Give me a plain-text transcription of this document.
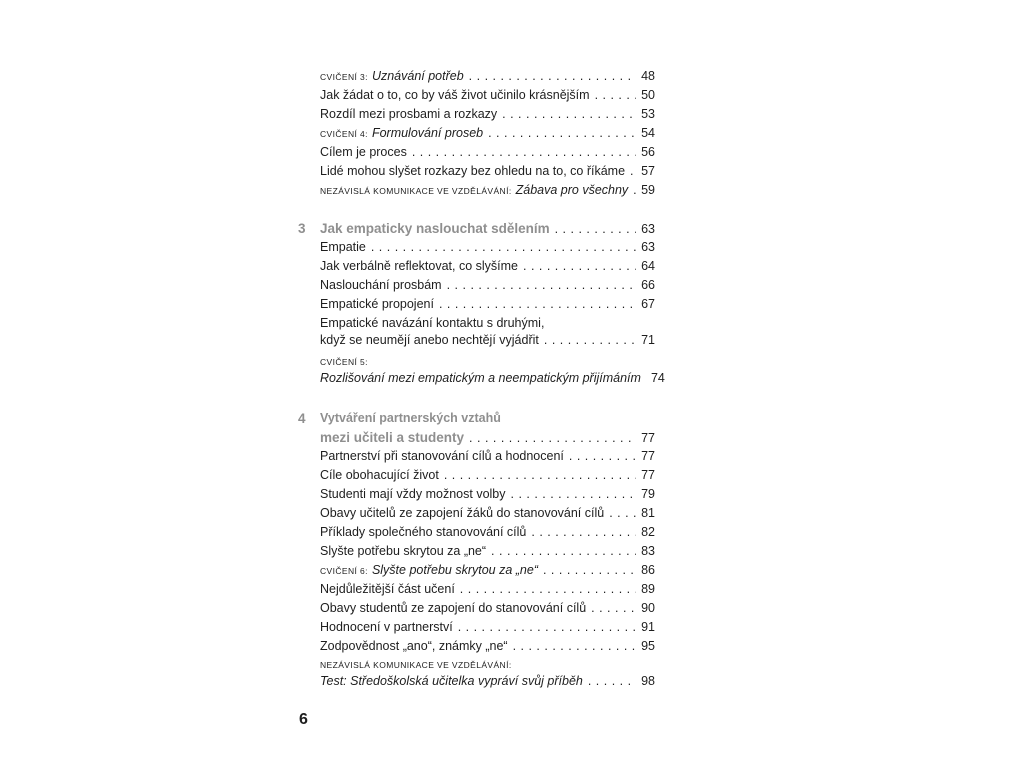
CVIČENÍ 3: Uznávání potřeb . . .	48
Jak žádat o to, co by váš život učinilo krásnějším . . .	50
Rozdíl mezi prosbami a rozkazy . . .	53
CVIČENÍ 4: Formulování proseb . . .	54
Cílem je proces . . .	56
Lidé mohou slyšet rozkazy bez ohledu na to, co říkáme . . . 57
NEZÁVISLÁ KOMUNIKACE VE VZDĚLÁVÁNÍ: Zábava pro všechny . . . 59
3 Jak empaticky naslouchat sdělením . . .	63
Empatie . . .	63
Jak verbálně reflektovat, co slyšíme . . .	64
Naslouchání prosbám . . .	66
Empatické propojení . . .	67
Empatické navázání kontaktu s druhými,
když se neumějí anebo nechtějí vyjádřit . . .	71
CVIČENÍ 5:
Rozlišování mezi empatickým a neempatickým přijímáním 74
4 Vytváření partnerských vztahů
mezi učiteli a studenty . . .	77
Partnerství při stanovování cílů a hodnocení . . .	77
Cíle obohacující život . . .	77
Studenti mají vždy možnost volby . . .	79
Obavy učitelů ze zapojení žáků do stanovování cílů . . .	81
Příklady společného stanovování cílů . . .	82
Slyšte potřebu skrytou za „ne“ . . .	83
CVIČENÍ 6: Slyšte potřebu skrytou za „ne“ . . .	86
Nejdůležitější část učení . . .	89
Obavy studentů ze zapojení do stanovování cílů . . .	90
Hodnocení v partnerství . . .	91
Zodpovědnost „ano“, známky „ne“ . . .	95
NEZÁVISLÁ KOMUNIKACE VE VZDĚLÁVÁNÍ:
Test: Středoškolská učitelka vypráví svůj příběh . . .	98
6
